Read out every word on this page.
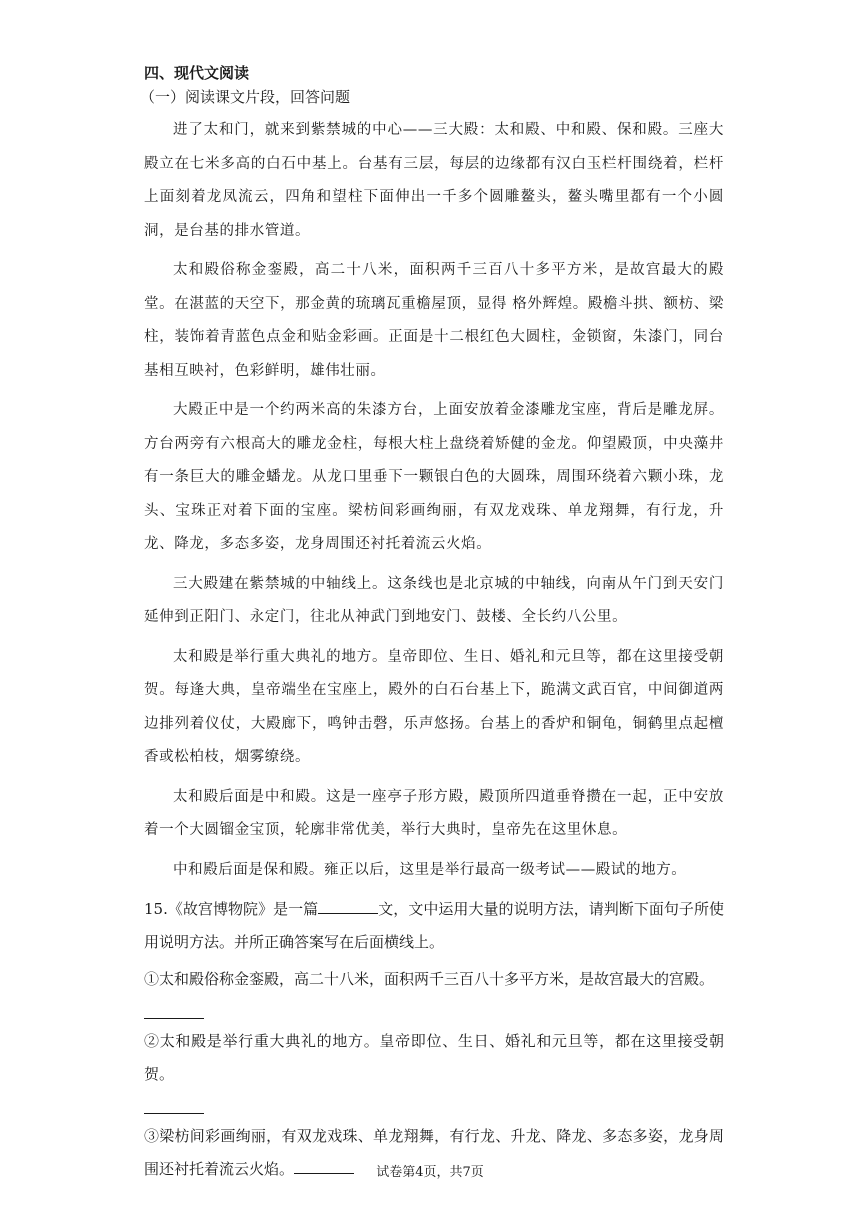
四、现代文阅读
（一）阅读课文片段，回答问题

进了太和门，就来到紫禁城的中心——三大殿：太和殿、中和殿、保和殿。三座大殿立在七米多高的白石中基上。台基有三层，每层的边缘都有汉白玉栏杆围绕着，栏杆上面刻着龙凤流云，四角和望柱下面伸出一千多个圆雕鳌头，鳌头嘴里都有一个小圆洞，是台基的排水管道。

太和殿俗称金銮殿，高二十八米，面积两千三百八十多平方米，是故宫最大的殿堂。在湛蓝的天空下，那金黄的琉璃瓦重檐屋顶，显得 格外辉煌。殿檐斗拱、额枋、梁柱，装饰着青蓝色点金和贴金彩画。正面是十二根红色大圆柱，金锁窗，朱漆门，同台基相互映衬，色彩鲜明，雄伟壮丽。

大殿正中是一个约两米高的朱漆方台，上面安放着金漆雕龙宝座，背后是雕龙屏。方台两旁有六根高大的雕龙金柱，每根大柱上盘绕着矫健的金龙。仰望殿顶，中央藻井有一条巨大的雕金蟠龙。从龙口里垂下一颗银白色的大圆珠，周围环绕着六颗小珠，龙头、宝珠正对着下面的宝座。梁枋间彩画绚丽，有双龙戏珠、单龙翔舞，有行龙，升龙、降龙，多态多姿，龙身周围还衬托着流云火焰。

三大殿建在紫禁城的中轴线上。这条线也是北京城的中轴线，向南从午门到天安门延伸到正阳门、永定门，往北从神武门到地安门、鼓楼、全长约八公里。

太和殿是举行重大典礼的地方。皇帝即位、生日、婚礼和元旦等，都在这里接受朝贺。每逢大典，皇帝端坐在宝座上，殿外的白石台基上下，跪满文武百官，中间御道两边排列着仪仗，大殿廊下，鸣钟击磬，乐声悠扬。台基上的香炉和铜龟，铜鹤里点起檀香或松柏枝，烟雾缭绕。

太和殿后面是中和殿。这是一座亭子形方殿，殿顶所四道垂脊攒在一起，正中安放着一个大圆镏金宝顶，轮廓非常优美，举行大典时，皇帝先在这里休息。

中和殿后面是保和殿。雍正以后，这里是举行最高一级考试——殿试的地方。

15.《故宫博物院》是一篇	文，文中运用大量的说明方法，请判断下面句子所使用说明方法。并所正确答案写在后面横线上。

①太和殿俗称金銮殿，高二十八米，面积两千三百八十多平方米，是故宫最大的宫殿。

②太和殿是举行重大典礼的地方。皇帝即位、生日、婚礼和元旦等，都在这里接受朝贺。

③梁枋间彩画绚丽，有双龙戏珠、单龙翔舞，有行龙、升龙、降龙、多态多姿，龙身周围还衬托着流云火焰。	试卷第4页，共7页
